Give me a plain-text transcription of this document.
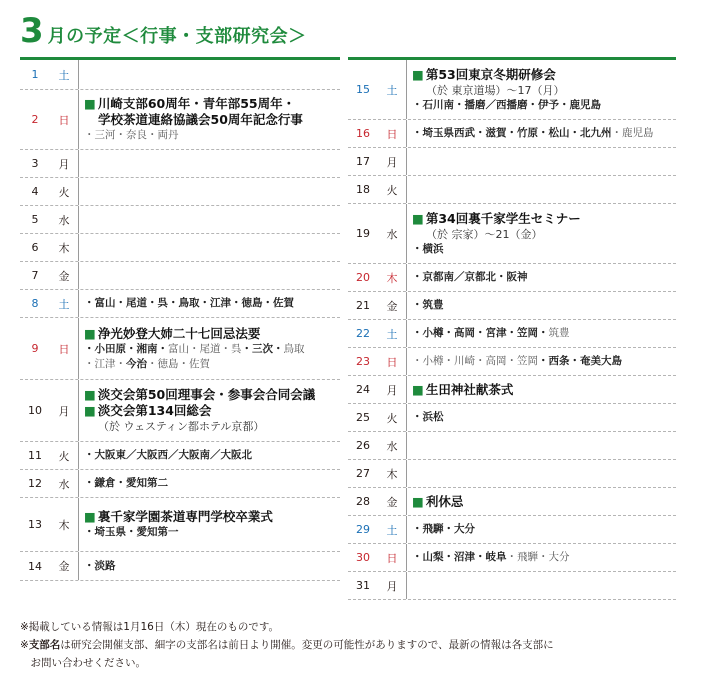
3 月の予定＜行事・支部研究会＞
1	土
2	日
■ 川崎支部60周年・青年部55周年・
学校茶道連絡協議会50周年記念行事
・三河・奈良・両丹
3	月
4	火
5	水
6	木
7	金
8	土	・富山・尾道・呉・鳥取・江津・徳島・佐賀
9	日
■ 浄光妙登大姉二十七回忌法要
・小田原・湘南・富山・尾道・呉・三次・鳥取
・江津・今治・徳島・佐賀
10	月
■ 淡交会第50回理事会・参事会合同会議
■ 淡交会第134回総会
（於 ウェスティン都ホテル京都）
11	火	・大阪東／大阪西／大阪南／大阪北
12	水	・鎌倉・愛知第二
13	木
■ 裏千家学園茶道専門学校卒業式
・埼玉県・愛知第一
14	金	・淡路
15	土
■ 第53回東京冬期研修会
（於 東京道場）～17（月）
・石川南・播磨／西播磨・伊予・鹿児島
16	日	・埼玉県西武・滋賀・竹原・松山・北九州・鹿児島
17	月
18	火
19	水
■ 第34回裏千家学生セミナー
（於 宗家）～21（金）
・横浜
20	木	・京都南／京都北・阪神
21	金	・筑豊
22	土	・小樽・高岡・宮津・笠岡・筑豊
23	日	・小樽・川崎・高岡・笠岡・西条・奄美大島
24	月	■ 生田神社献茶式
25	火	・浜松
26	水
27	木
28	金	■ 利休忌
29	土	・飛騨・大分
30	日	・山梨・沼津・岐阜・飛騨・大分
31	月
※掲載している情報は1月16日（木）現在のものです。
※支部名は研究会開催支部、細字の支部名は前日より開催。変更の可能性がありますので、最新の情報は各支部に
　お問い合わせください。
